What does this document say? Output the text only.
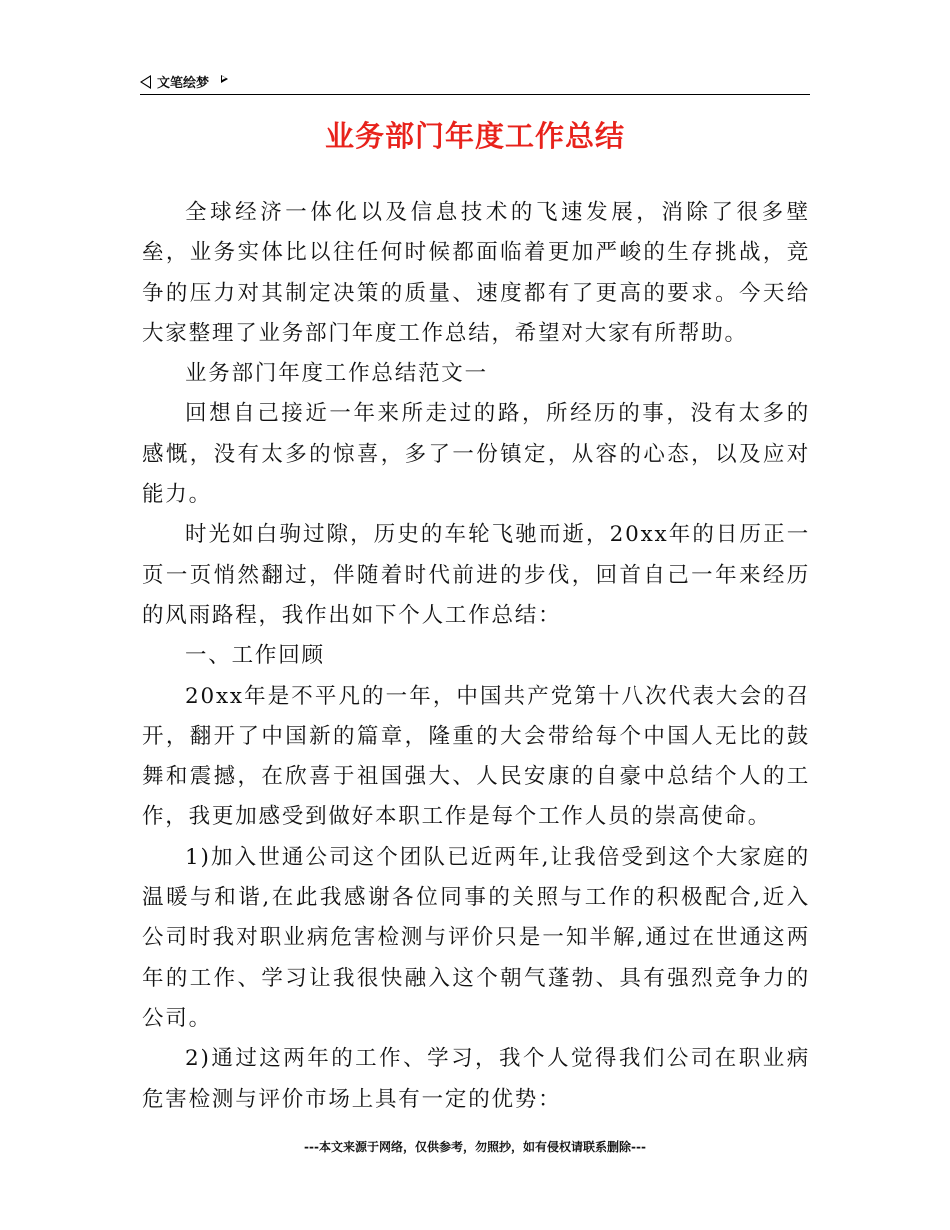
文笔绘梦
业务部门年度工作总结

全球经济一体化以及信息技术的飞速发展，消除了很多壁垒，业务实体比以往任何时候都面临着更加严峻的生存挑战，竞争的压力对其制定决策的质量、速度都有了更高的要求。今天给大家整理了业务部门年度工作总结，希望对大家有所帮助。

业务部门年度工作总结范文一

回想自己接近一年来所走过的路，所经历的事，没有太多的感慨，没有太多的惊喜，多了一份镇定，从容的心态，以及应对能力。

时光如白驹过隙，历史的车轮飞驰而逝，20xx年的日历正一页一页悄然翻过，伴随着时代前进的步伐，回首自己一年来经历的风雨路程，我作出如下个人工作总结：

一、工作回顾

20xx年是不平凡的一年，中国共产党第十八次代表大会的召开，翻开了中国新的篇章，隆重的大会带给每个中国人无比的鼓舞和震撼，在欣喜于祖国强大、人民安康的自豪中总结个人的工作，我更加感受到做好本职工作是每个工作人员的崇高使命。

1)加入世通公司这个团队已近两年,让我倍受到这个大家庭的温暖与和谐,在此我感谢各位同事的关照与工作的积极配合,近入公司时我对职业病危害检测与评价只是一知半解,通过在世通这两年的工作、学习让我很快融入这个朝气蓬勃、具有强烈竞争力的公司。

2)通过这两年的工作、学习，我个人觉得我们公司在职业病危害检测与评价市场上具有一定的优势：

---本文来源于网络，仅供参考，勿照抄，如有侵权请联系删除---
